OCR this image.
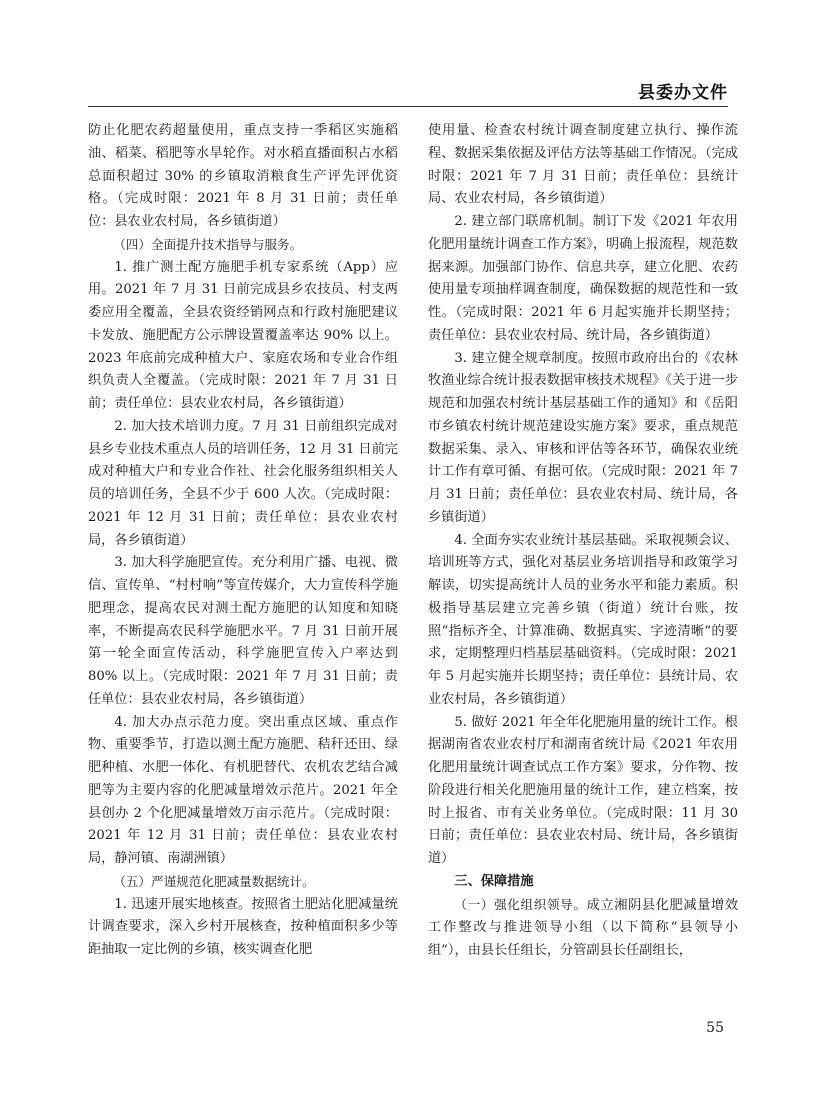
县委办文件

防止化肥农药超量使用，重点支持一季稻区实施稻油、稻菜、稻肥等水旱轮作。对水稻直播面积占水稻总面积超过 30% 的乡镇取消粮食生产评先评优资格。（完成时限：2021 年 8 月 31 日前；责任单位：县农业农村局，各乡镇街道）

（四）全面提升技术指导与服务。

1. 推广测土配方施肥手机专家系统（App）应用。2021 年 7 月 31 日前完成县乡农技员、村支两委应用全覆盖，全县农资经销网点和行政村施肥建议卡发放、施肥配方公示牌设置覆盖率达 90% 以上。2023 年底前完成种植大户、家庭农场和专业合作组织负责人全覆盖。（完成时限：2021 年 7 月 31 日前；责任单位：县农业农村局，各乡镇街道）

2. 加大技术培训力度。7 月 31 日前组织完成对县乡专业技术重点人员的培训任务，12 月 31 日前完成对种植大户和专业合作社、社会化服务组织相关人员的培训任务，全县不少于 600 人次。（完成时限：2021 年 12 月 31 日前；责任单位：县农业农村局，各乡镇街道）

3. 加大科学施肥宣传。充分利用广播、电视、微信、宣传单、“村村响”等宣传媒介，大力宣传科学施肥理念，提高农民对测土配方施肥的认知度和知晓率，不断提高农民科学施肥水平。7 月 31 日前开展第一轮全面宣传活动，科学施肥宣传入户率达到 80% 以上。（完成时限：2021 年 7 月 31 日前；责任单位：县农业农村局，各乡镇街道）

4. 加大办点示范力度。突出重点区域、重点作物、重要季节，打造以测土配方施肥、秸秆还田、绿肥种植、水肥一体化、有机肥替代、农机农艺结合减肥等为主要内容的化肥减量增效示范片。2021 年全县创办 2 个化肥减量增效万亩示范片。（完成时限：2021 年 12 月 31 日前；责任单位：县农业农村局，静河镇、南湖洲镇）

（五）严谨规范化肥减量数据统计。

1. 迅速开展实地核查。按照省土肥站化肥减量统计调查要求，深入乡村开展核查，按种植面积多少等距抽取一定比例的乡镇，核实调查化肥

使用量、检查农村统计调查制度建立执行、操作流程、数据采集依据及评估方法等基础工作情况。（完成时限：2021 年 7 月 31 日前；责任单位：县统计局、农业农村局，各乡镇街道）

2. 建立部门联席机制。制订下发《2021 年农用化肥用量统计调查工作方案》，明确上报流程，规范数据来源。加强部门协作、信息共享，建立化肥、农药使用量专项抽样调查制度，确保数据的规范性和一致性。（完成时限：2021 年 6 月起实施并长期坚持；责任单位：县农业农村局、统计局，各乡镇街道）

3. 建立健全规章制度。按照市政府出台的《农林牧渔业综合统计报表数据审核技术规程》《关于进一步规范和加强农村统计基层基础工作的通知》和《岳阳市乡镇农村统计规范建设实施方案》要求，重点规范数据采集、录入、审核和评估等各环节，确保农业统计工作有章可循、有据可依。（完成时限：2021 年 7 月 31 日前；责任单位：县农业农村局、统计局，各乡镇街道）

4. 全面夯实农业统计基层基础。采取视频会议、培训班等方式，强化对基层业务培训指导和政策学习解读，切实提高统计人员的业务水平和能力素质。积极指导基层建立完善乡镇（街道）统计台账，按照“指标齐全、计算准确、数据真实、字迹清晰”的要求，定期整理归档基层基础资料。（完成时限：2021 年 5 月起实施并长期坚持；责任单位：县统计局、农业农村局，各乡镇街道）

5. 做好 2021 年全年化肥施用量的统计工作。根据湖南省农业农村厅和湖南省统计局《2021 年农用化肥用量统计调查试点工作方案》要求，分作物、按阶段进行相关化肥施用量的统计工作，建立档案，按时上报省、市有关业务单位。（完成时限：11 月 30 日前；责任单位：县农业农村局、统计局，各乡镇街道）

三、保障措施

（一）强化组织领导。成立湘阴县化肥减量增效工作整改与推进领导小组（以下简称“县领导小组”），由县长任组长，分管副县长任副组长，

55
